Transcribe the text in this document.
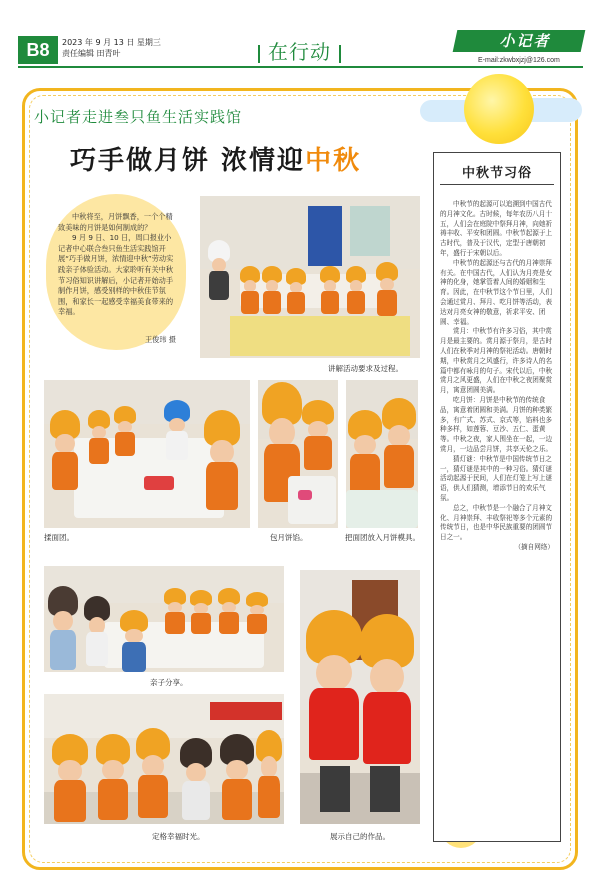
B8	2023 年 9 月 13 日 星期三
责任编辑 田青叶	在行动	小记者
E-mail:zkwbxjzj@126.com
小记者走进叁只鱼生活实践馆
巧手做月饼 浓情迎中秋

中秋将至，月饼飘香，一个个精致美味的月饼是如何制成的？

9 月 9 日、10 日，周口报业小记者中心联合叁只鱼生活实践馆开展“巧手做月饼，浓情迎中秋”劳动实践亲子体验活动。大家聆听有关中秋节习俗知识讲解后，小记者开始动手制作月饼，感受别样的中秋佳节氛围，和家长一起感受幸福美食带来的幸福。

王俊玮 摄
讲解活动要求及过程。
揉面团。	包月饼馅。	把面团放入月饼模具。
亲子分享。
定格幸福时光。	展示自己的作品。
中秋节习俗

中秋节的起源可以追溯到中国古代的月神文化。古时候，每年农历八月十五，人们会在庭院中祭拜月神，向她祈祷丰收、平安和团圆。中秋节起源于上古时代，普及于汉代，定型于唐朝初年，盛行于宋朝以后。

中秋节的起源还与古代的月神崇拜有关。在中国古代，人们认为月亮是女神的化身，她掌管着人间的婚姻和生育。因此，在中秋节这个节日里，人们会通过赏月、拜月、吃月饼等活动，表达对月亮女神的敬意，祈求平安、团圆、幸福。

赏月：中秋节有许多习俗，其中赏月是最主要的。赏月源于祭月，是古时人们在秋季对月神的祭祀活动。唐朝时期，中秋赏月之风盛行，许多诗人的名篇中都有咏月的句子。宋代以后，中秋赏月之风更盛，人们在中秋之夜团聚赏月，寓意团圆美满。

吃月饼：月饼是中秋节的传统食品，寓意着团圆和美满。月饼的种类繁多，有广式、苏式、京式等，馅料也多种多样，如莲蓉、豆沙、五仁、蛋黄等。中秋之夜，家人围坐在一起，一边赏月，一边品尝月饼，共享天伦之乐。

猜灯谜：中秋节是中国传统节日之一，猜灯谜是其中的一种习俗。猜灯谜活动起源于民间，人们在灯笼上写上谜语，供人们猜测，增添节日的欢乐气氛。

总之，中秋节是一个融合了月神文化、月神崇拜、丰收祭祀等多个元素的传统节日，也是中华民族重要的团圆节日之一。

（摘自网络）
